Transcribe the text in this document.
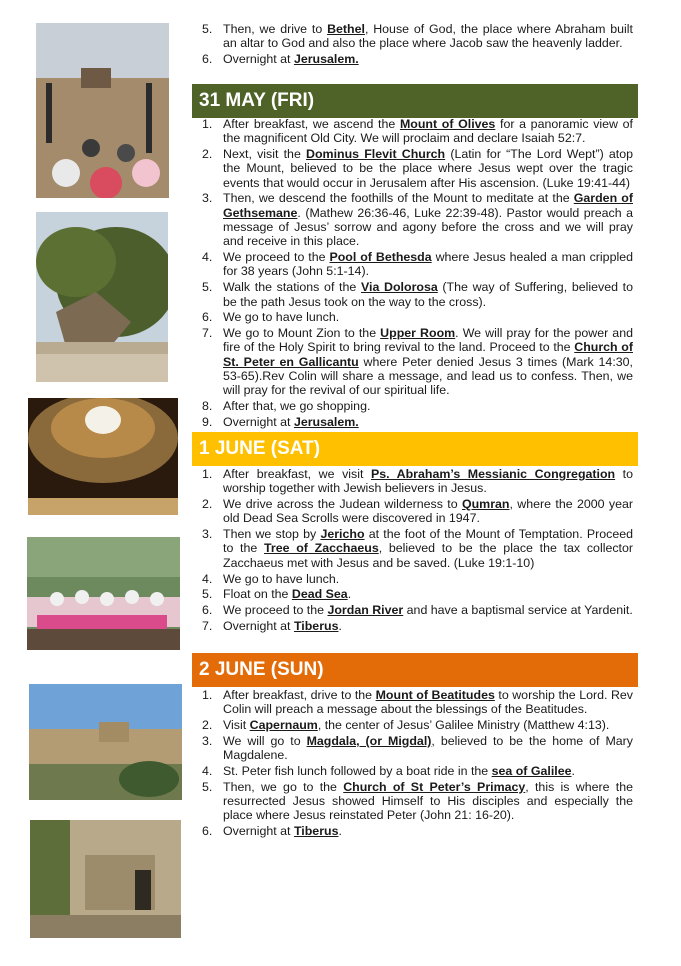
5. Then, we drive to Bethel, House of God, the place where Abraham built an altar to God and also the place where Jacob saw the heavenly ladder.
6. Overnight at Jerusalem.
31 MAY (FRI)
1. After breakfast, we ascend the Mount of Olives for a panoramic view of the magnificent Old City. We will proclaim and declare Isaiah 52:7.
2. Next, visit the Dominus Flevit Church (Latin for “The Lord Wept”) atop the Mount, believed to be the place where Jesus wept over the tragic events that would occur in Jerusalem after His ascension. (Luke 19:41-44)
3. Then, we descend the foothills of the Mount to meditate at the Garden of Gethsemane. (Mathew 26:36-46, Luke 22:39-48). Pastor would preach a message of Jesus’ sorrow and agony before the cross and we will pray and receive in this place.
4. We proceed to the Pool of Bethesda where Jesus healed a man crippled for 38 years (John 5:1-14).
5. Walk the stations of the Via Dolorosa (The way of Suffering, believed to be the path Jesus took on the way to the cross).
6. We go to have lunch.
7. We go to Mount Zion to the Upper Room. We will pray for the power and fire of the Holy Spirit to bring revival to the land. Proceed to the Church of St. Peter en Gallicantu where Peter denied Jesus 3 times (Mark 14:30, 53-65).Rev Colin will share a message, and lead us to confess. Then, we will pray for the revival of our spiritual life.
8. After that, we go shopping.
9. Overnight at Jerusalem.
1 JUNE (SAT)
1. After breakfast, we visit Ps. Abraham’s Messianic Congregation to worship together with Jewish believers in Jesus.
2. We drive across the Judean wilderness to Qumran, where the 2000 year old Dead Sea Scrolls were discovered in 1947.
3. Then we stop by Jericho at the foot of the Mount of Temptation. Proceed to the Tree of Zacchaeus, believed to be the place the tax collector Zacchaeus met with Jesus and be saved. (Luke 19:1-10)
4. We go to have lunch.
5. Float on the Dead Sea.
6. We proceed to the Jordan River and have a baptismal service at Yardenit.
7. Overnight at Tiberus.
2 JUNE (SUN)
1. After breakfast, drive to the Mount of Beatitudes to worship the Lord. Rev Colin will preach a message about the blessings of the Beatitudes.
2. Visit Capernaum, the center of Jesus’ Galilee Ministry (Matthew 4:13).
3. We will go to Magdala, (or Migdal), believed to be the home of Mary Magdalene.
4. St. Peter fish lunch followed by a boat ride in the sea of Galilee.
5. Then, we go to the Church of St Peter’s Primacy, this is where the resurrected Jesus showed Himself to His disciples and especially the place where Jesus reinstated Peter (John 21: 16-20).
6. Overnight at Tiberus.
